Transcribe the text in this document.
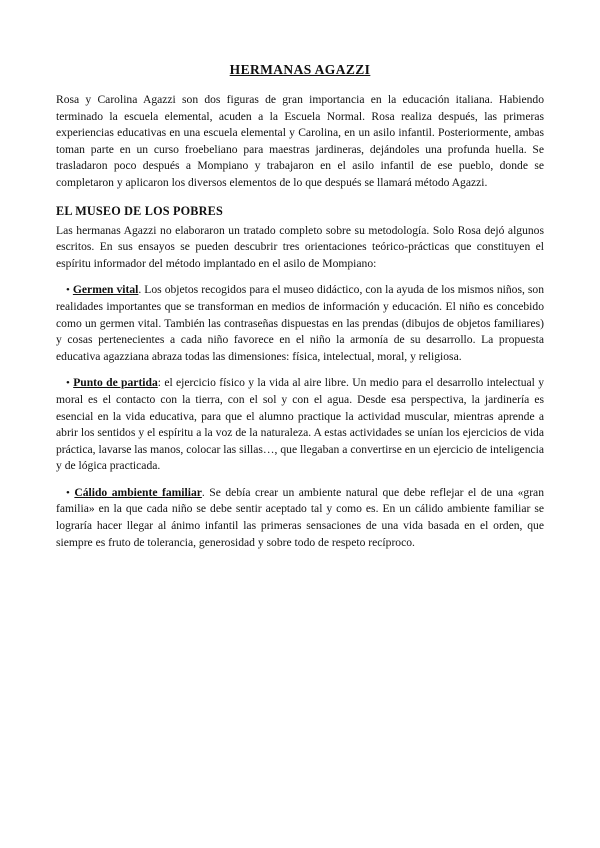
HERMANAS AGAZZI

Rosa y Carolina Agazzi son dos figuras de gran importancia en la educación italiana. Habiendo terminado la escuela elemental, acuden a la Escuela Normal. Rosa realiza después, las primeras experiencias educativas en una escuela elemental y Carolina, en un asilo infantil. Posteriormente, ambas toman parte en un curso froebeliano para maestras jardineras, dejándoles una profunda huella. Se trasladaron poco después a Mompiano y trabajaron en el asilo infantil de ese pueblo, donde se completaron y aplicaron los diversos elementos de lo que después se llamará método Agazzi.

EL MUSEO DE LOS POBRES

Las hermanas Agazzi no elaboraron un tratado completo sobre su metodología. Solo Rosa dejó algunos escritos. En sus ensayos se pueden descubrir tres orientaciones teórico-prácticas que constituyen el espíritu informador del método implantado en el asilo de Mompiano:

• Germen vital. Los objetos recogidos para el museo didáctico, con la ayuda de los mismos niños, son realidades importantes que se transforman en medios de información y educación. El niño es concebido como un germen vital. También las contraseñas dispuestas en las prendas (dibujos de objetos familiares) y cosas pertenecientes a cada niño favorece en el niño la armonía de su desarrollo. La propuesta educativa agazziana abraza todas las dimensiones: física, intelectual, moral, y religiosa.

• Punto de partida: el ejercicio físico y la vida al aire libre. Un medio para el desarrollo intelectual y moral es el contacto con la tierra, con el sol y con el agua. Desde esa perspectiva, la jardinería es esencial en la vida educativa, para que el alumno practique la actividad muscular, mientras aprende a abrir los sentidos y el espíritu a la voz de la naturaleza. A estas actividades se unían los ejercicios de vida práctica, lavarse las manos, colocar las sillas…, que llegaban a convertirse en un ejercicio de inteligencia y de lógica practicada.

• Cálido ambiente familiar. Se debía crear un ambiente natural que debe reflejar el de una «gran familia» en la que cada niño se debe sentir aceptado tal y como es. En un cálido ambiente familiar se lograría hacer llegar al ánimo infantil las primeras sensaciones de una vida basada en el orden, que siempre es fruto de tolerancia, generosidad y sobre todo de respeto recíproco.
